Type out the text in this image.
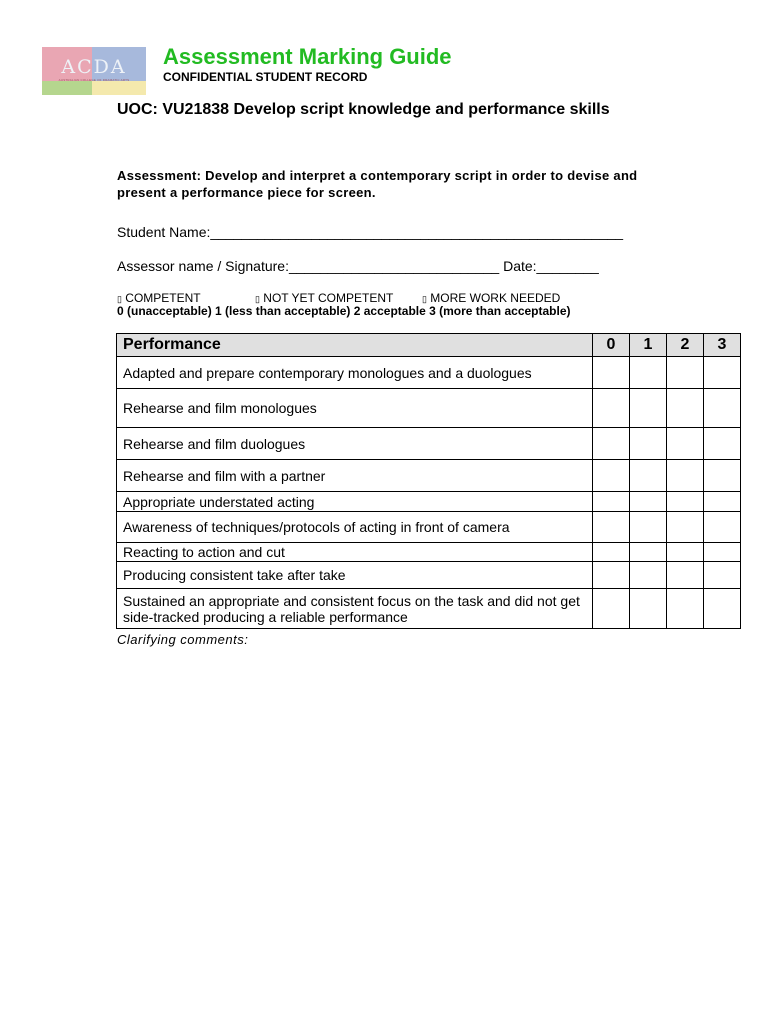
ACDA
AUSTRALIAN COLLEGE OF DRAMATIC ARTS
Assessment Marking Guide
CONFIDENTIAL STUDENT RECORD
UOC: VU21838 Develop script knowledge and performance skills
Assessment: Develop and interpret a contemporary script in order to devise and present a performance piece for screen.
Student Name:_____________________________________________________
Assessor name / Signature:___________________________ Date:________
▯ COMPETENT	▯ NOT YET COMPETENT	▯ MORE WORK NEEDED
0 (unacceptable) 1 (less than acceptable) 2 acceptable 3 (more than acceptable)
Performance	0	1	2	3
Adapted and prepare contemporary monologues and a duologues				
Rehearse and film monologues				
Rehearse and film duologues				
Rehearse and film with a partner				
Appropriate understated acting				
Awareness of techniques/protocols of acting in front of camera				
Reacting to action and cut				
Producing consistent take after take				
Sustained an appropriate and consistent focus on the task and did not get side-tracked producing a reliable performance				
Clarifying comments:
